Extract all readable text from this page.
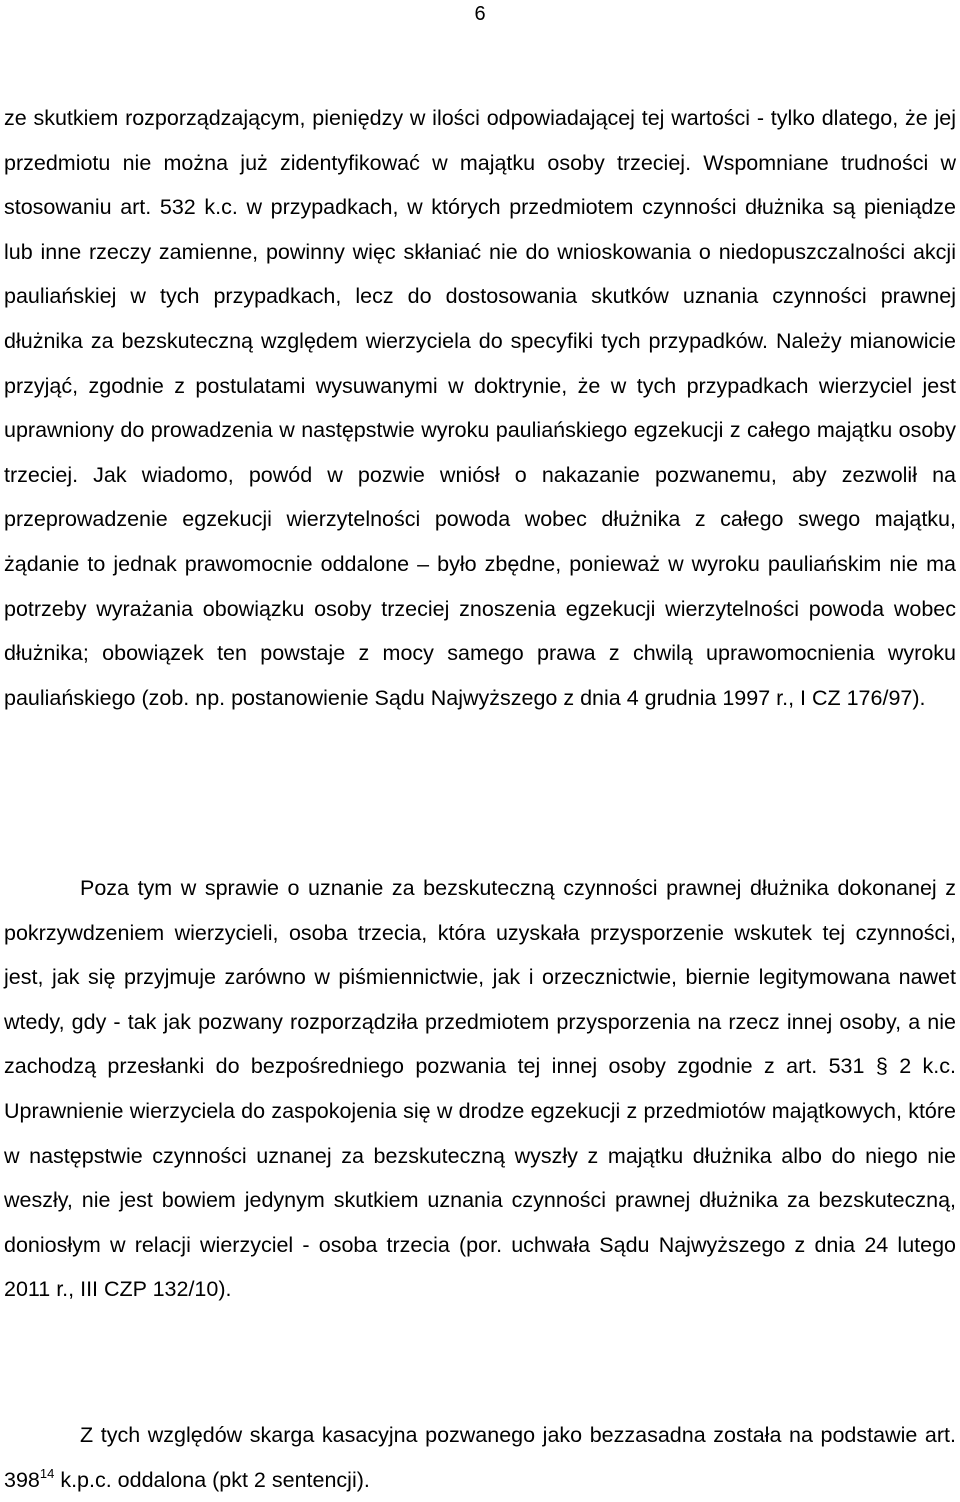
6

ze skutkiem rozporządzającym, pieniędzy w ilości odpowiadającej tej wartości - tylko dlatego, że jej przedmiotu nie można już zidentyfikować w majątku osoby trzeciej. Wspomniane trudności w stosowaniu art. 532 k.c. w przypadkach, w których przedmiotem czynności dłużnika są pieniądze lub inne rzeczy zamienne, powinny więc skłaniać nie do wnioskowania o niedopuszczalności akcji pauliańskiej w tych przypadkach, lecz do dostosowania skutków uznania czynności prawnej dłużnika za bezskuteczną względem wierzyciela do specyfiki tych przypadków. Należy mianowicie przyjąć, zgodnie z postulatami wysuwanymi w doktrynie, że w tych przypadkach wierzyciel jest uprawniony do prowadzenia w następstwie wyroku pauliańskiego egzekucji z całego majątku osoby trzeciej. Jak wiadomo, powód w pozwie wniósł o nakazanie pozwanemu, aby zezwolił na przeprowadzenie egzekucji wierzytelności powoda wobec dłużnika z całego swego majątku, żądanie to jednak prawomocnie oddalone – było zbędne, ponieważ w wyroku pauliańskim nie ma potrzeby wyrażania obowiązku osoby trzeciej znoszenia egzekucji wierzytelności powoda wobec dłużnika; obowiązek ten powstaje z mocy samego prawa z chwilą uprawomocnienia wyroku pauliańskiego (zob. np. postanowienie Sądu Najwyższego z dnia 4 grudnia 1997 r., I CZ 176/97).

Poza tym w sprawie o uznanie za bezskuteczną czynności prawnej dłużnika dokonanej z pokrzywdzeniem wierzycieli, osoba trzecia, która uzyskała przysporzenie wskutek tej czynności, jest, jak się przyjmuje zarówno w piśmiennictwie, jak i orzecznictwie, biernie legitymowana nawet wtedy, gdy - tak jak pozwany rozporządziła przedmiotem przysporzenia na rzecz innej osoby, a nie zachodzą przesłanki do bezpośredniego pozwania tej innej osoby zgodnie z art. 531 § 2 k.c. Uprawnienie wierzyciela do zaspokojenia się w drodze egzekucji z przedmiotów majątkowych, które w następstwie czynności uznanej za bezskuteczną wyszły z majątku dłużnika albo do niego nie weszły, nie jest bowiem jedynym skutkiem uznania czynności prawnej dłużnika za bezskuteczną, doniosłym w relacji wierzyciel - osoba trzecia (por. uchwała Sądu Najwyższego z dnia 24 lutego 2011 r., III CZP 132/10).

Z tych względów skarga kasacyjna pozwanego jako bezzasadna została na podstawie art. $398^{14}$ k.p.c. oddalona (pkt 2 sentencji).
